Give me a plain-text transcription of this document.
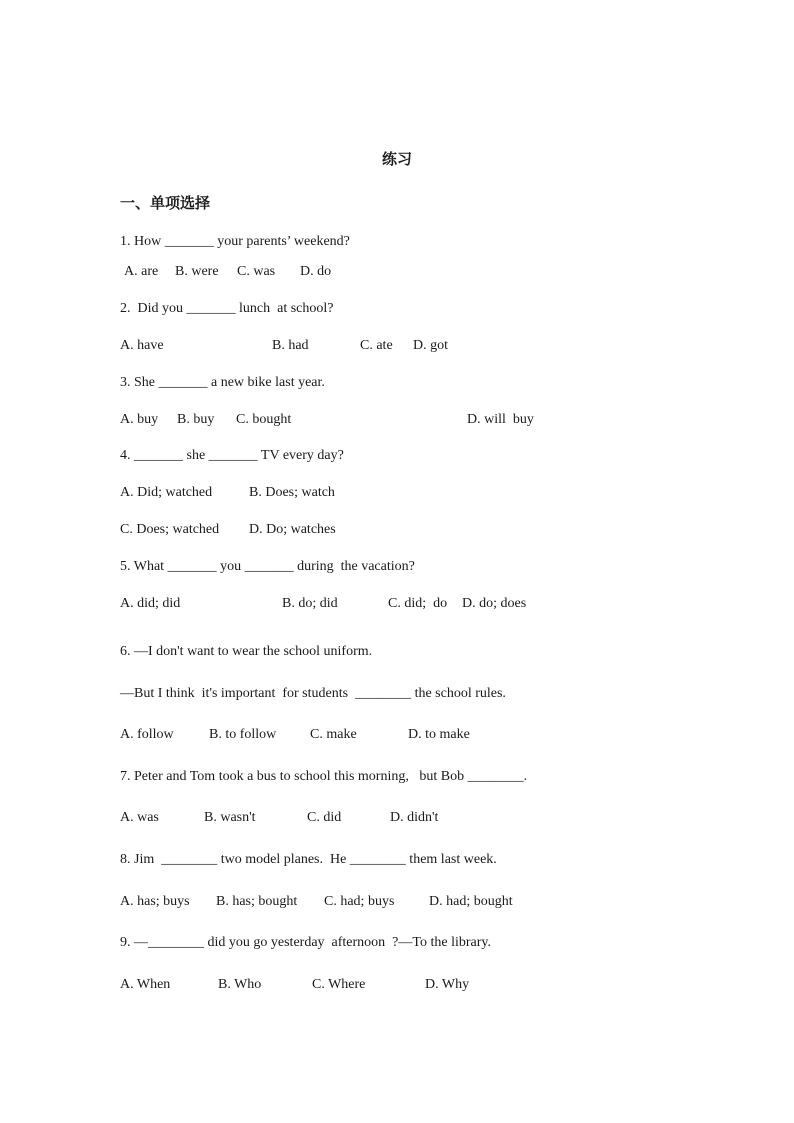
练习
一、单项选择
1. How _______ your parents’ weekend?
A. are B. were C. was D. do
2.  Did you _______ lunch  at school?
A. have	B. had	C. ate D. got
3. She _______ a new bike last year.
A. buy B. buy C. bought	D. will  buy
4. _______ she _______ TV every day?
A. Did; watched	B. Does; watch
C. Does; watched D. Do; watches
5. What _______ you _______ during  the vacation?
A. did; did	B. do; did	C. did;  do D. do; does
6. —I don't want to wear the school uniform.
—But I think  it's important  for students  ________ the school rules.
A. follow	B. to follow C. make	D. to make
7. Peter and Tom took a bus to school this morning,   but Bob ________.
A. was	B. wasn't	C. did	D. didn't
8. Jim  ________ two model planes.  He ________ them last week.
A. has; buys B. has; bought C. had; buys D. had; bought
9. —________ did you go yesterday  afternoon  ?—To the library.
A. When	B. Who	C. Where	D. Why
